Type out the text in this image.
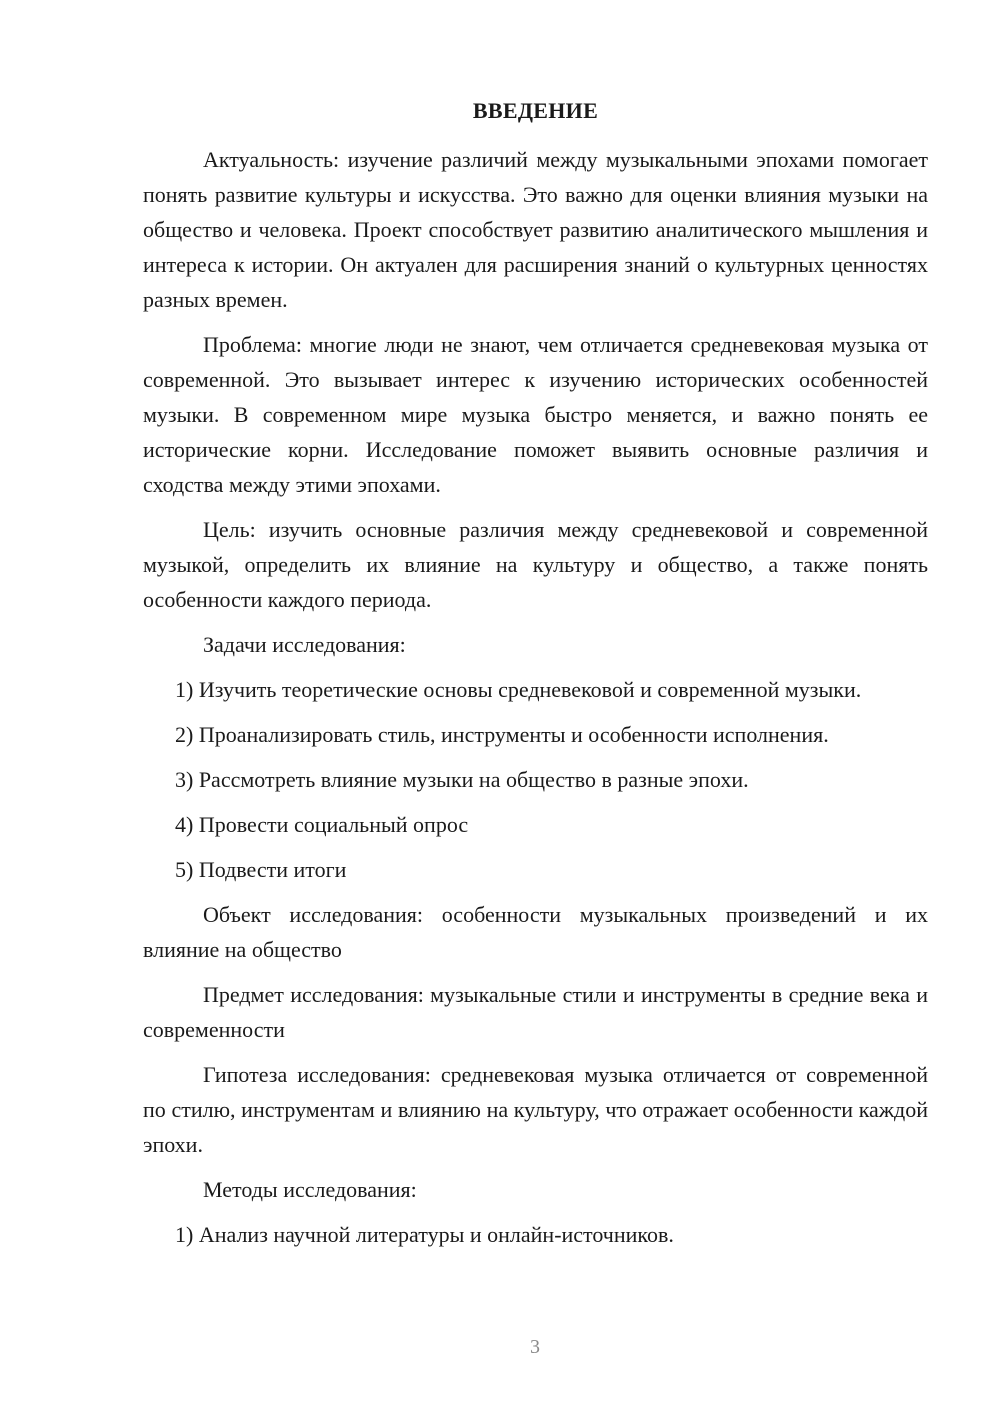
ВВЕДЕНИЕ

Актуальность: изучение различий между музыкальными эпохами помогает понять развитие культуры и искусства. Это важно для оценки влияния музыки на общество и человека. Проект способствует развитию аналитического мышления и интереса к истории. Он актуален для расширения знаний о культурных ценностях разных времен.

Проблема: многие люди не знают, чем отличается средневековая музыка от современной. Это вызывает интерес к изучению исторических особенностей музыки. В современном мире музыка быстро меняется, и важно понять ее исторические корни. Исследование поможет выявить основные различия и сходства между этими эпохами.

Цель: изучить основные различия между средневековой и современной музыкой, определить их влияние на культуру и общество, а также понять особенности каждого периода.

Задачи исследования:

1) Изучить теоретические основы средневековой и современной музыки.

2) Проанализировать стиль, инструменты и особенности исполнения.

3) Рассмотреть влияние музыки на общество в разные эпохи.

4) Провести социальный опрос

5) Подвести итоги

Объект исследования: особенности музыкальных произведений и их влияние на общество

Предмет исследования: музыкальные стили и инструменты в средние века и современности

Гипотеза исследования: средневековая музыка отличается от современной по стилю, инструментам и влиянию на культуру, что отражает особенности каждой эпохи.

Методы исследования:

1) Анализ научной литературы и онлайн-источников.

3
